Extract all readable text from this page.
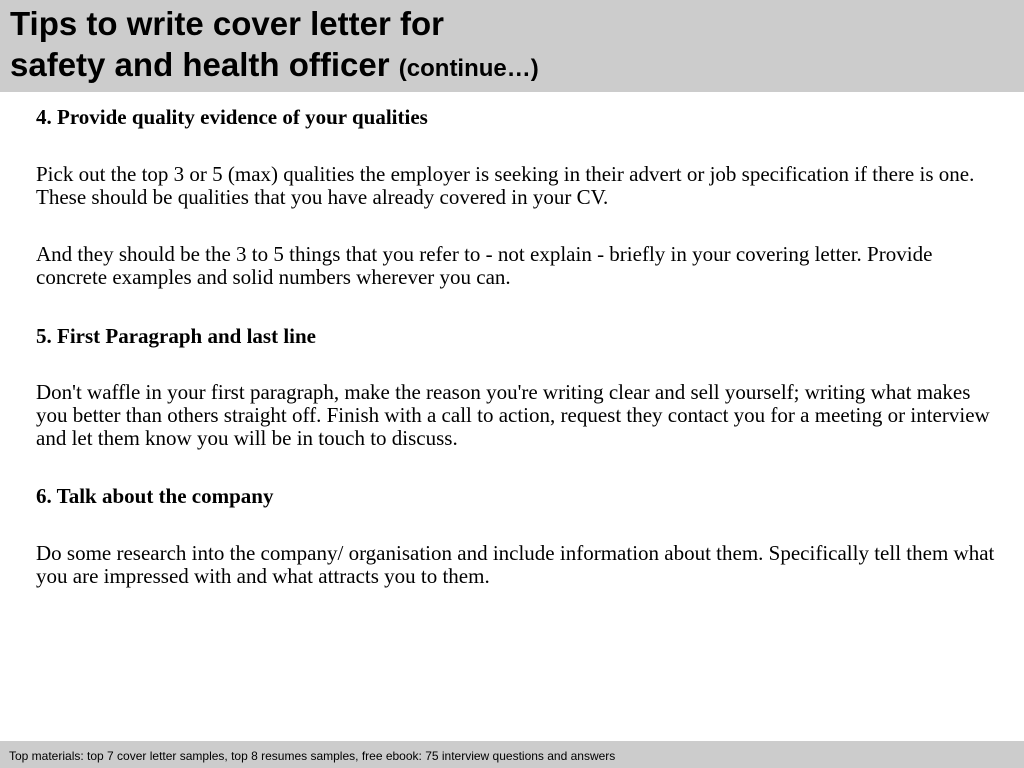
Tips to write cover letter for
safety and health officer (continue…)

4. Provide quality evidence of your qualities

Pick out the top 3 or 5 (max) qualities the employer is seeking in their advert or job specification if there is one. These should be qualities that you have already covered in your CV.

And they should be the 3 to 5 things that you refer to - not explain - briefly in your covering letter. Provide concrete examples and solid numbers wherever you can.

5. First Paragraph and last line

Don't waffle in your first paragraph, make the reason you're writing clear and sell yourself; writing what makes you better than others straight off. Finish with a call to action, request they contact you for a meeting or interview and let them know you will be in touch to discuss.

6. Talk about the company

Do some research into the company/ organisation and include information about them. Specifically tell them what you are impressed with and what attracts you to them.

Top materials: top 7 cover letter samples, top 8 resumes samples, free ebook: 75 interview questions and answers
